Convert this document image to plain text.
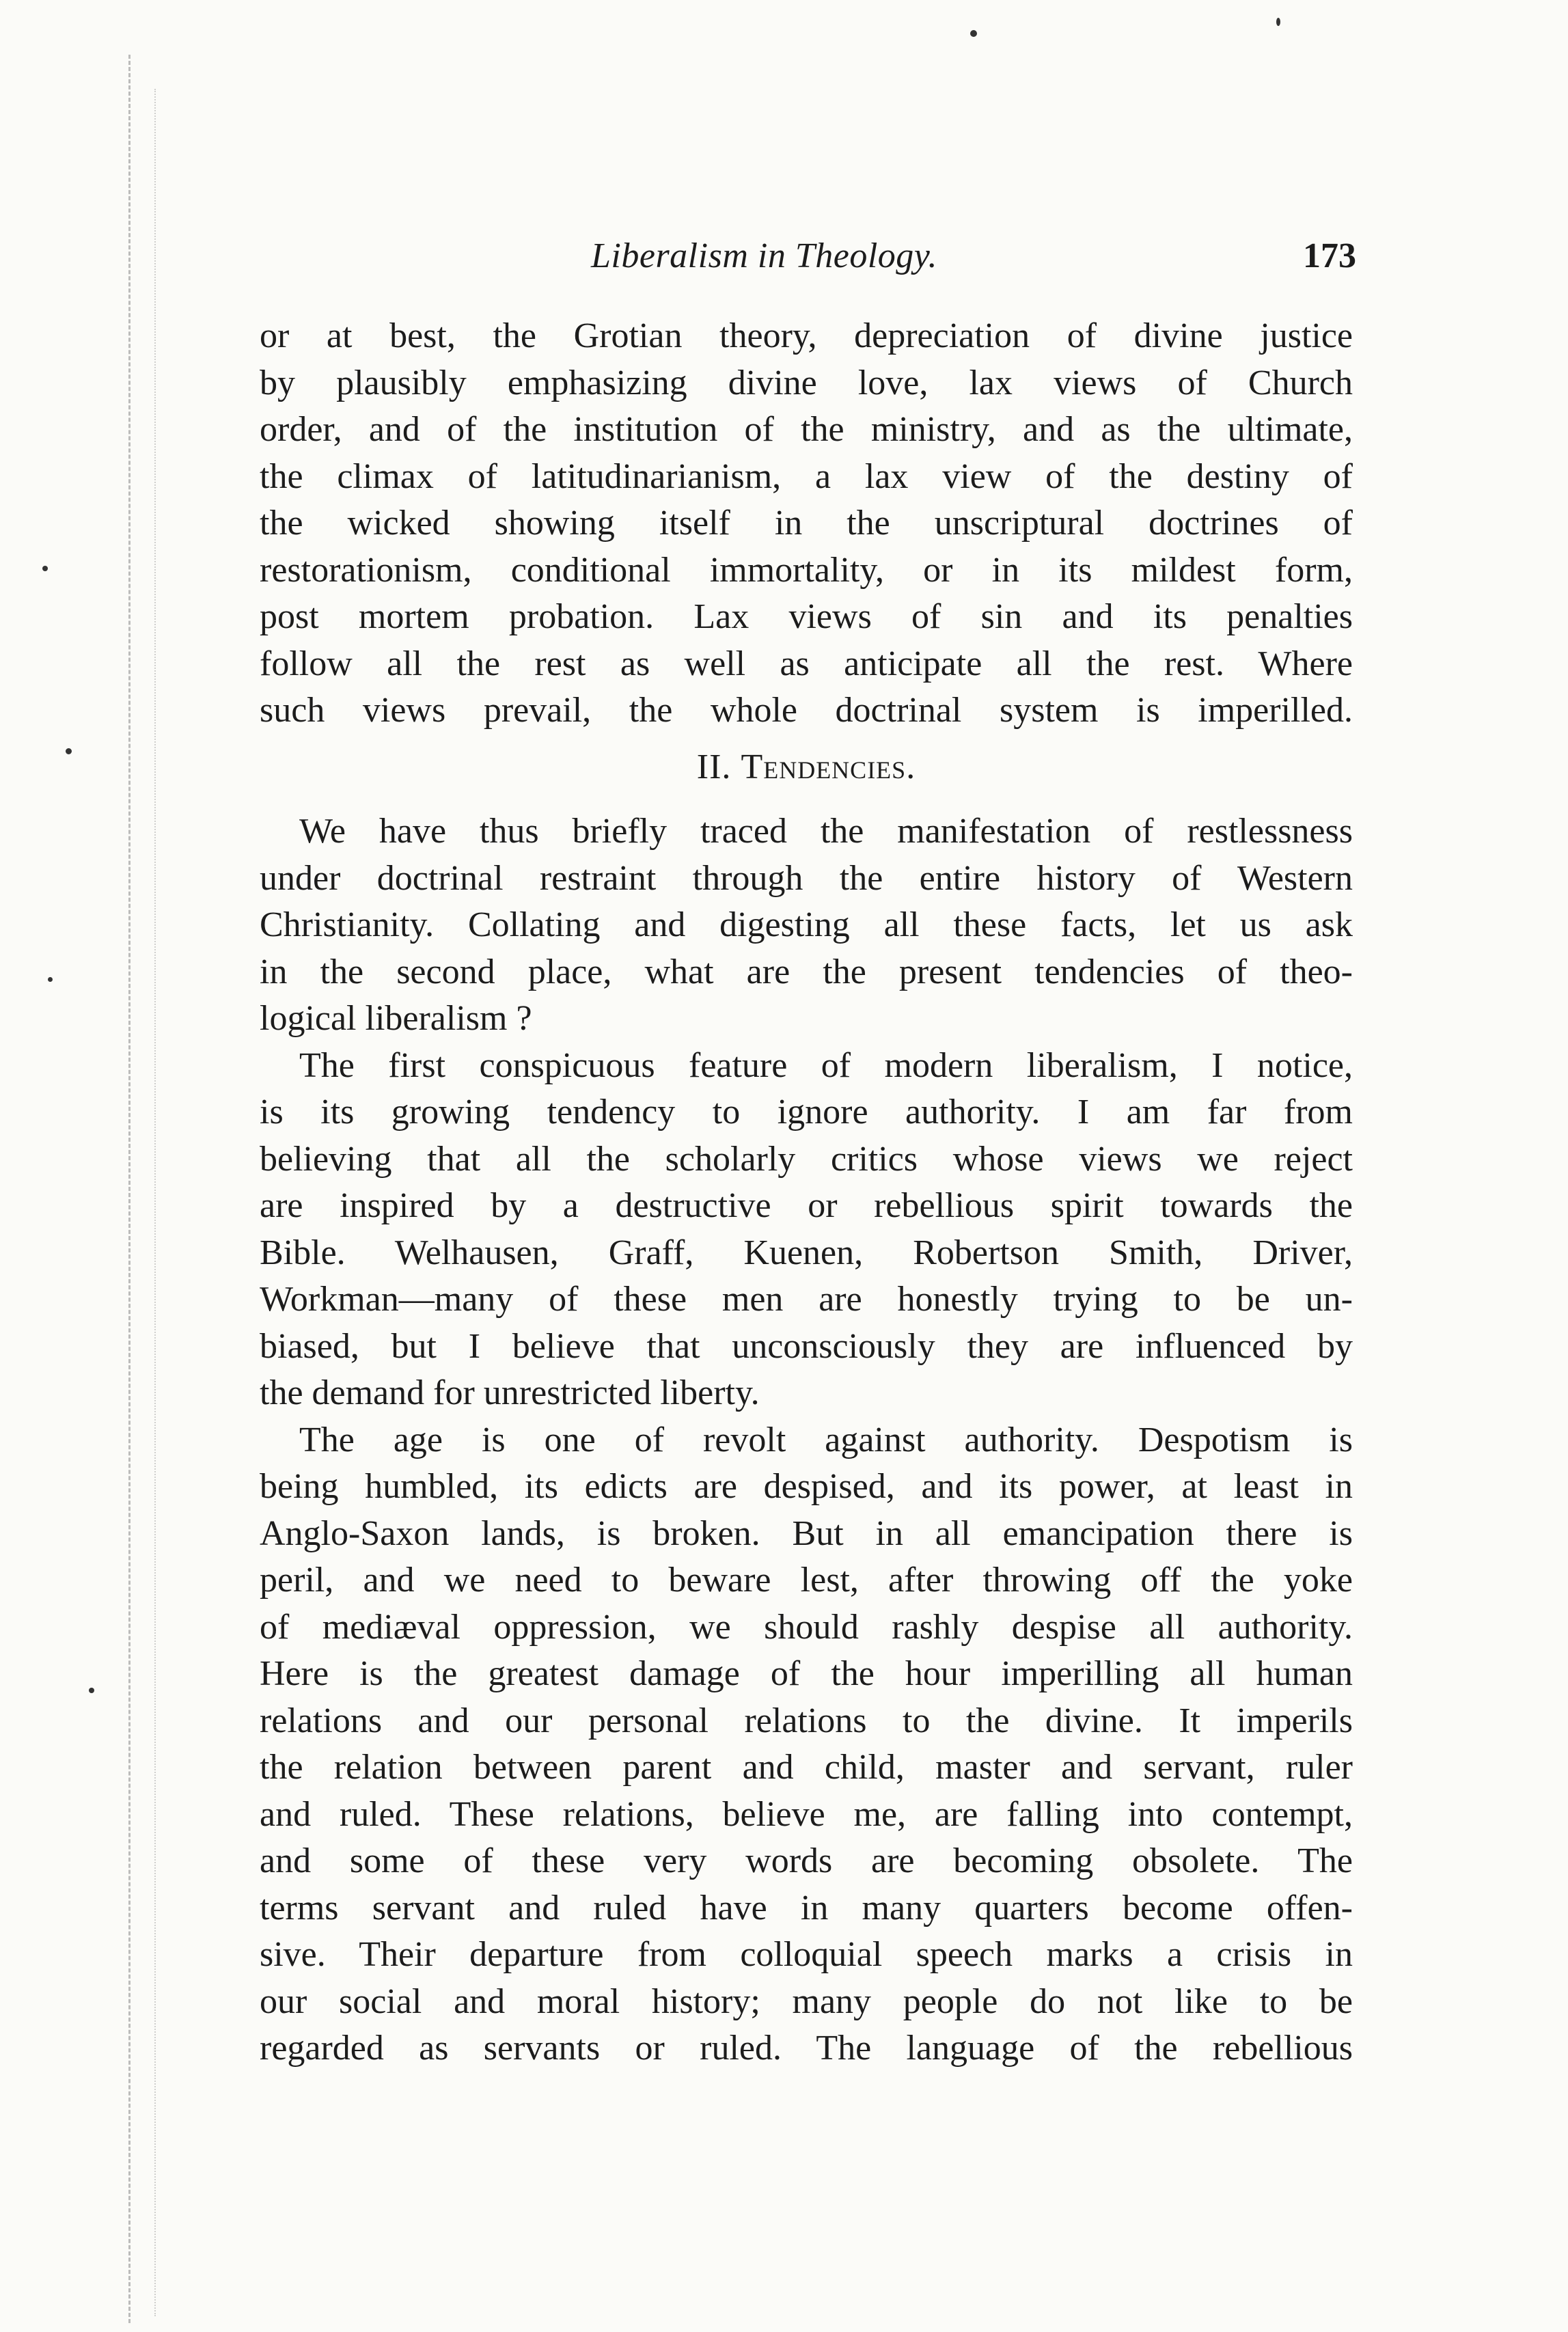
Liberalism in Theology.	173
or at best, the Grotian theory, depreciation of divine justice
by plausibly emphasizing divine love, lax views of Church
order, and of the institution of the ministry, and as the ultimate,
the climax of latitudinarianism, a lax view of the destiny of
the wicked showing itself in the unscriptural doctrines of
restorationism, conditional immortality, or in its mildest form,
post mortem probation. Lax views of sin and its penalties
follow all the rest as well as anticipate all the rest. Where
such views prevail, the whole doctrinal system is imperilled.
II. Tendencies.
We have thus briefly traced the manifestation of restlessness
under doctrinal restraint through the entire history of Western
Christianity. Collating and digesting all these facts, let us ask
in the second place, what are the present tendencies of theo-
logical liberalism ?
The first conspicuous feature of modern liberalism, I notice,
is its growing tendency to ignore authority. I am far from
believing that all the scholarly critics whose views we reject
are inspired by a destructive or rebellious spirit towards the
Bible. Welhausen, Graff, Kuenen, Robertson Smith, Driver,
Workman—many of these men are honestly trying to be un-
biased, but I believe that unconsciously they are influenced by
the demand for unrestricted liberty.
The age is one of revolt against authority. Despotism is
being humbled, its edicts are despised, and its power, at least in
Anglo-Saxon lands, is broken. But in all emancipation there is
peril, and we need to beware lest, after throwing off the yoke
of mediæval oppression, we should rashly despise all authority.
Here is the greatest damage of the hour imperilling all human
relations and our personal relations to the divine. It imperils
the relation between parent and child, master and servant, ruler
and ruled. These relations, believe me, are falling into contempt,
and some of these very words are becoming obsolete. The
terms servant and ruled have in many quarters become offen-
sive. Their departure from colloquial speech marks a crisis in
our social and moral history; many people do not like to be
regarded as servants or ruled. The language of the rebellious
